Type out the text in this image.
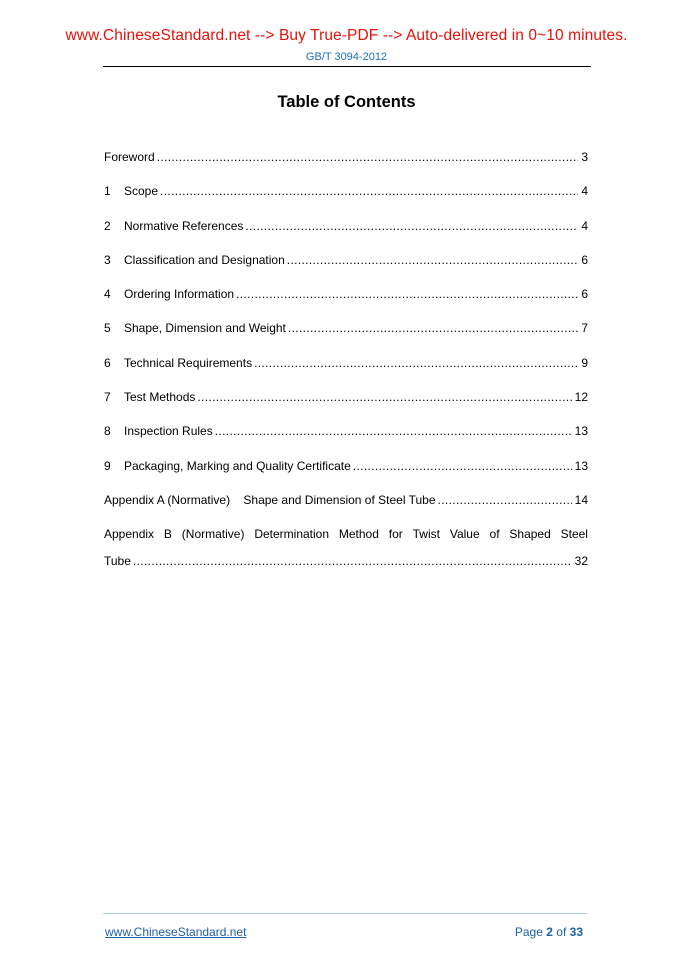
www.ChineseStandard.net --> Buy True-PDF --> Auto-delivered in 0~10 minutes.
GB/T 3094-2012
Table of Contents
Foreword .....	3
1	Scope .....	4
2	Normative References .....	4
3	Classification and Designation .....	6
4	Ordering Information .....	6
5	Shape, Dimension and Weight .....	7
6	Technical Requirements .....	9
7	Test Methods .....	12
8	Inspection Rules .....	13
9	Packaging, Marking and Quality Certificate .....	13
Appendix A (Normative)    Shape and Dimension of Steel Tube .....	14
Appendix B (Normative) Determination Method for Twist Value of Shaped Steel
Tube .....	32
www.ChineseStandard.net	Page 2 of 33
